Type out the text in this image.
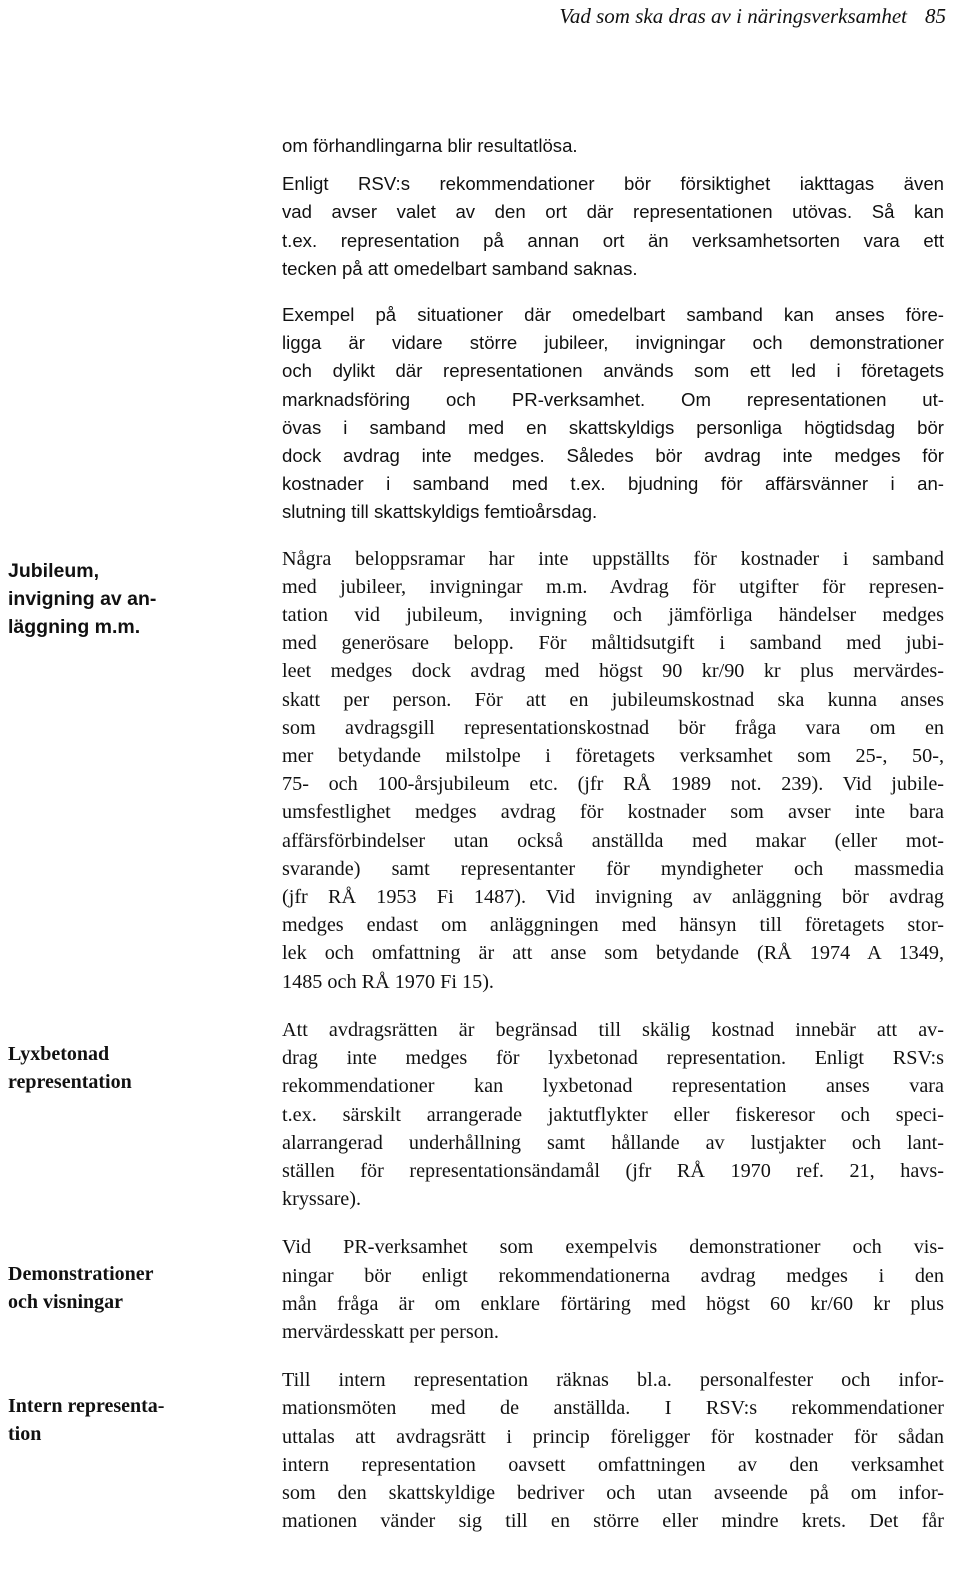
Vad som ska dras av i näringsverksamhet 85
Jubileum,
invigning av an-
läggning m.m.
Lyxbetonad
representation
Demonstrationer
och visningar
Intern representa-
tion

om förhandlingarna blir resultatlösa.

Enligt RSV:s rekommendationer bör försiktighet iakttagas även
vad avser valet av den ort där representationen utövas. Så kan
t.ex. representation på annan ort än verksamhetsorten vara ett
tecken på att omedelbart samband saknas.

Exempel på situationer där omedelbart samband kan anses före-
ligga är vidare större jubileer, invigningar och demonstrationer
och dylikt där representationen används som ett led i företagets
marknadsföring och PR-verksamhet. Om representationen ut-
övas i samband med en skattskyldigs personliga högtidsdag bör
dock avdrag inte medges. Således bör avdrag inte medges för
kostnader i samband med t.ex. bjudning för affärsvänner i an-
slutning till skattskyldigs femtioårsdag.

Några beloppsramar har inte uppställts för kostnader i samband
med jubileer, invigningar m.m. Avdrag för utgifter för represen-
tation vid jubileum, invigning och jämförliga händelser medges
med generösare belopp. För måltidsutgift i samband med jubi-
leet medges dock avdrag med högst 90 kr/90 kr plus mervärdes-
skatt per person. För att en jubileumskostnad ska kunna anses
som avdragsgill representationskostnad bör fråga vara om en
mer betydande milstolpe i företagets verksamhet som 25-, 50-,
75- och 100-årsjubileum etc. (jfr RÅ 1989 not. 239). Vid jubile-
umsfestlighet medges avdrag för kostnader som avser inte bara
affärsförbindelser utan också anställda med makar (eller mot-
svarande) samt representanter för myndigheter och massmedia
(jfr RÅ 1953 Fi 1487). Vid invigning av anläggning bör avdrag
medges endast om anläggningen med hänsyn till företagets stor-
lek och omfattning är att anse som betydande (RÅ 1974 A 1349,
1485 och RÅ 1970 Fi 15).

Att avdragsrätten är begränsad till skälig kostnad innebär att av-
drag inte medges för lyxbetonad representation. Enligt RSV:s
rekommendationer kan lyxbetonad representation anses vara
t.ex. särskilt arrangerade jaktutflykter eller fiskeresor och speci-
alarrangerad underhållning samt hållande av lustjakter och lant-
ställen för representationsändamål (jfr RÅ 1970 ref. 21, havs-
kryssare).

Vid PR-verksamhet som exempelvis demonstrationer och vis-
ningar bör enligt rekommendationerna avdrag medges i den
mån fråga är om enklare förtäring med högst 60 kr/60 kr plus
mervärdesskatt per person.

Till intern representation räknas bl.a. personalfester och infor-
mationsmöten med de anställda. I RSV:s rekommendationer
uttalas att avdragsrätt i princip föreligger för kostnader för sådan
intern representation oavsett omfattningen av den verksamhet
som den skattskyldige bedriver och utan avseende på om infor-
mationen vänder sig till en större eller mindre krets. Det får
